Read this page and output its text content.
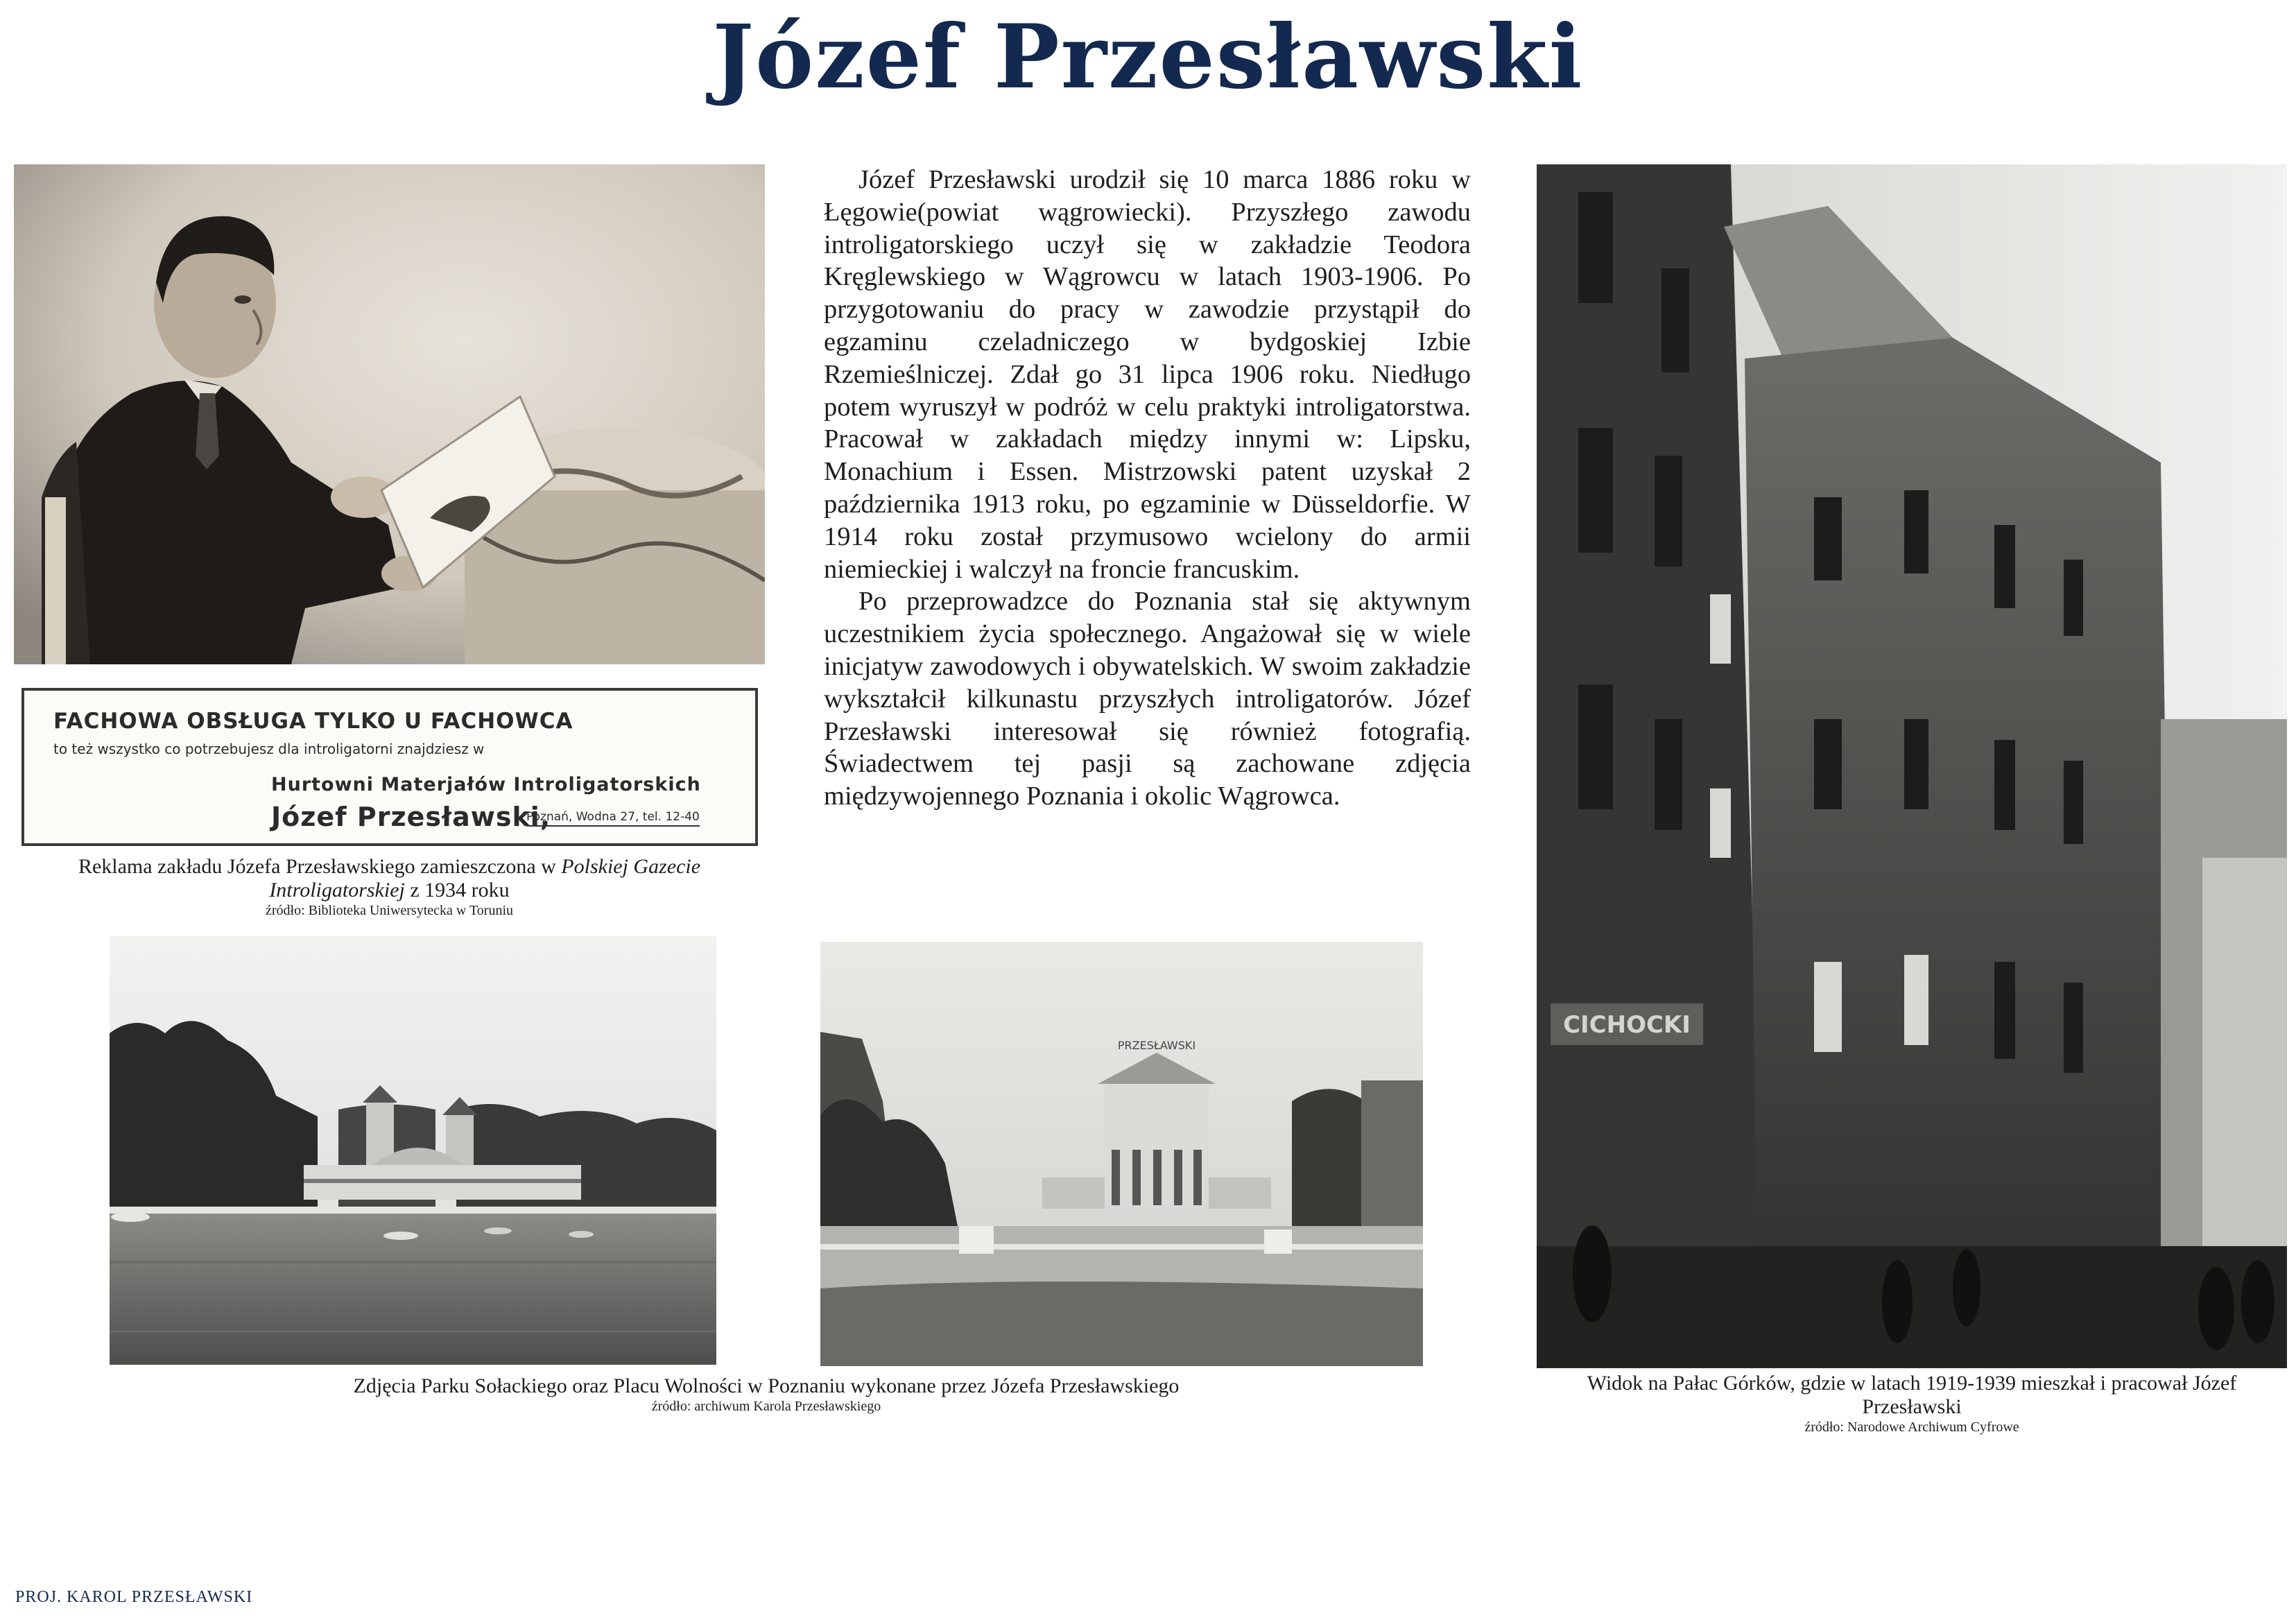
Józef Przesławski
FACHOWA OBSŁUGA TYLKO U FACHOWCA
to też wszystko co potrzebujesz dla introligatorni znajdziesz w
Hurtowni Materjałów Introligatorskich
Józef Przesławski,
Poznań, Wodna 27, tel. 12-40
Reklama zakładu Józefa Przesławskiego zamieszczona w Polskiej Gazecie Introligatorskiej z 1934 roku
źródło: Biblioteka Uniwersytecka w Toruniu

Józef Przesławski urodził się 10 marca 1886 roku w Łęgowie(powiat wągrowiecki). Przyszłego zawodu introligatorskiego uczył się w zakładzie Teodora Kręglewskiego w Wągrowcu w latach 1903-1906. Po przygotowaniu do pracy w zawodzie przystąpił do egzaminu czeladniczego w bydgoskiej Izbie Rzemieślniczej. Zdał go 31 lipca 1906 roku. Niedługo potem wyruszył w podróż w celu praktyki introligatorstwa. Pracował w zakładach między innymi w: Lipsku, Monachium i Essen. Mistrzowski patent uzyskał 2 października 1913 roku, po egzaminie w Düsseldorfie. W 1914 roku został przymusowo wcielony do armii niemieckiej i walczył na froncie francuskim.

Po przeprowadzce do Poznania stał się aktywnym uczestnikiem życia społecznego. Angażował się w wiele inicjatyw zawodowych i obywatelskich. W swoim zakładzie wykształcił kilkunastu przyszłych introligatorów. Józef Przesławski interesował się również fotografią. Świadectwem tej pasji są zachowane zdjęcia międzywojennego Poznania i okolic Wągrowca.

PRZESŁAWSKI
Zdjęcia Parku Sołackiego oraz Placu Wolności w Poznaniu wykonane przez Józefa Przesławskiego
źródło: archiwum Karola Przesławskiego
CICHOCKI
Widok na Pałac Górków, gdzie w latach 1919-1939 mieszkał i pracował Józef Przesławski
źródło: Narodowe Archiwum Cyfrowe
PROJ. KAROL PRZESŁAWSKI
